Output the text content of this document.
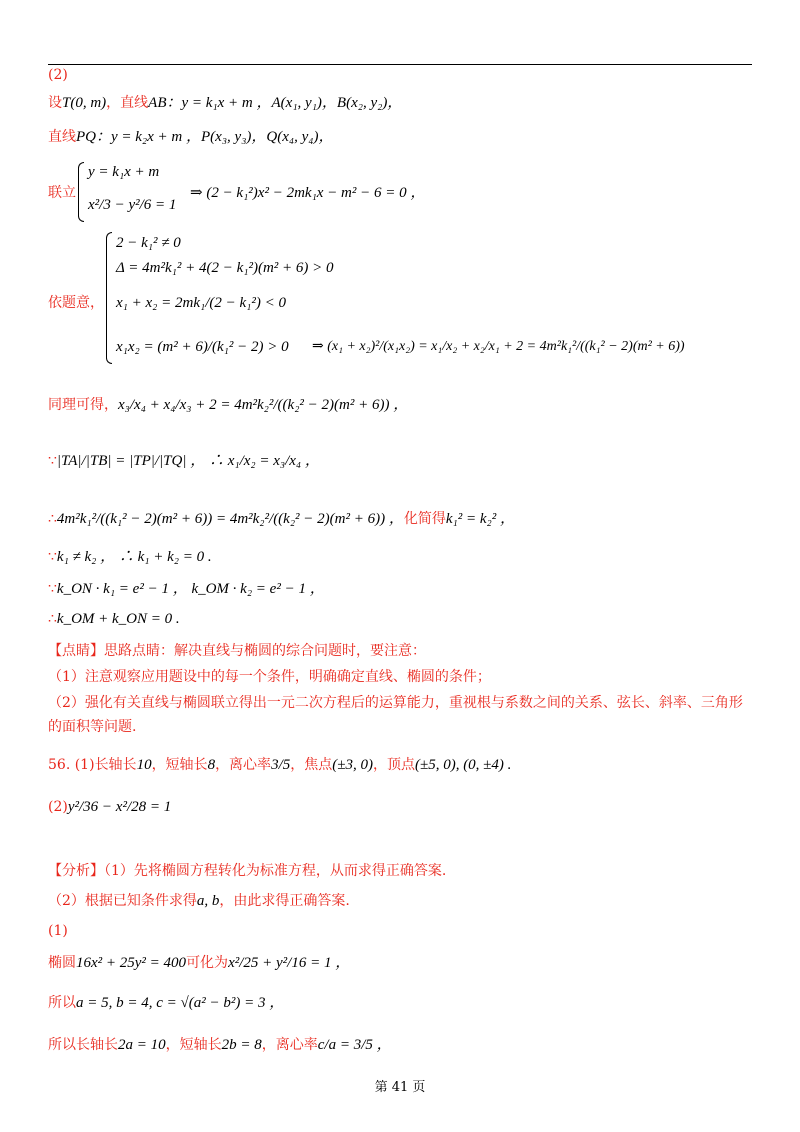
(2)
设T(0, m)，直线AB：y = k₁x + m ，A(x₁, y₁)，B(x₂, y₂)，
直线PQ：y = k₂x + m ，P(x₃, y₃)，Q(x₄, y₄)，
联立
y = k₁x + m
x²/3 − y²/6 = 1
⇒ (2 − k₁²)x² − 2mk₁x − m² − 6 = 0 ，
依题意，
2 − k₁² ≠ 0
Δ = 4m²k₁² + 4(2 − k₁²)(m² + 6) > 0
x₁ + x₂ = 2mk₁/(2 − k₁²) < 0
x₁x₂ = (m² + 6)/(k₁² − 2) > 0 ⇒ (x₁ + x₂)²/(x₁x₂) = x₁/x₂ + x₂/x₁ + 2 = 4m²k₁²/((k₁² − 2)(m² + 6))
同理可得，x₃/x₄ + x₄/x₃ + 2 = 4m²k₂²/((k₂² − 2)(m² + 6)) ，
∵|TA|/|TB| = |TP|/|TQ| ， ∴ x₁/x₂ = x₃/x₄ ，
∴4m²k₁²/((k₁² − 2)(m² + 6)) = 4m²k₂²/((k₂² − 2)(m² + 6)) ，化简得k₁² = k₂² ，
∵k₁ ≠ k₂ ， ∴ k₁ + k₂ = 0 .
∵k_ON · k₁ = e² − 1 ， k_OM · k₂ = e² − 1 ，
∴k_OM + k_ON = 0 .
【点睛】思路点睛：解决直线与椭圆的综合问题时，要注意：
（1）注意观察应用题设中的每一个条件，明确确定直线、椭圆的条件；
（2）强化有关直线与椭圆联立得出一元二次方程后的运算能力，重视根与系数之间的关系、弦长、斜率、三角形
的面积等问题.
56. (1)长轴长10，短轴长8，离心率3/5，焦点(±3, 0)，顶点(±5, 0), (0, ±4) .
(2)y²/36 − x²/28 = 1
【分析】（1）先将椭圆方程转化为标准方程，从而求得正确答案.
（2）根据已知条件求得a, b，由此求得正确答案.
(1)
椭圆16x² + 25y² = 400可化为x²/25 + y²/16 = 1 ，
所以a = 5, b = 4, c = √(a² − b²) = 3 ，
所以长轴长2a = 10，短轴长2b = 8，离心率c/a = 3/5 ，
第 41 页
